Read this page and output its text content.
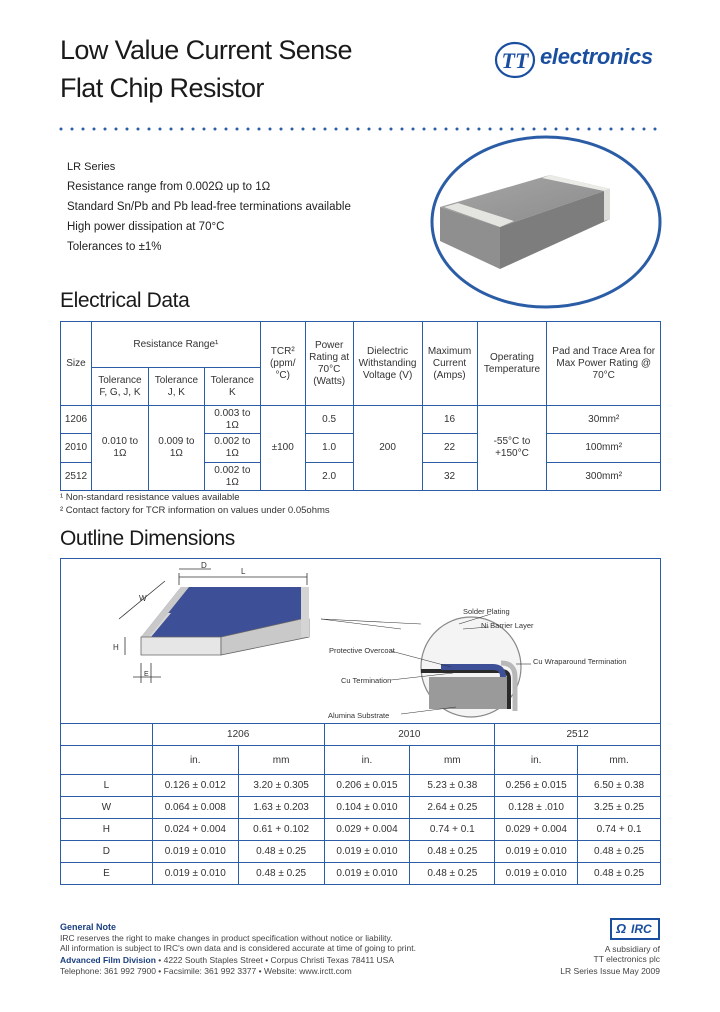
Low Value Current Sense
Flat Chip Resistor
TT electronics
LR Series
Resistance range from 0.002Ω up to 1Ω
Standard Sn/Pb and Pb lead-free terminations available
High power dissipation at 70°C
Tolerances to ±1%
Electrical Data
Size	Resistance Range¹			TCR² (ppm/°C)	Power Rating at 70°C (Watts)	Dielectric Withstanding Voltage (V)	Maximum Current (Amps)	Operating Temperature	Pad and Trace Area for Max Power Rating @ 70°C
	Tolerance F, G, J, K	Tolerance J, K	Tolerance K						
1206	0.010 to 1Ω	0.009 to 1Ω	0.003 to 1Ω	±100	0.5	200	16	-55°C to +150°C	30mm²
2010			0.002 to 1Ω		1.0		22		100mm²
2512			0.002 to 1Ω		2.0		32		300mm²
¹ Non-standard resistance values available
² Contact factory for TCR information on values under 0.05ohms
Outline Dimensions
L
D
W
H
E
Solder Plating
Ni Barrier Layer
Protective Overcoat
Cu Wraparound Termination
Cu Termination
Alumina Substrate
	1206		2010		2512	
	in.	mm	in.	mm	in.	mm.
L	0.126 ± 0.012	3.20 ± 0.305	0.206 ± 0.015	5.23 ± 0.38	0.256 ± 0.015	6.50 ± 0.38
W	0.064 ± 0.008	1.63 ± 0.203	0.104 ± 0.010	2.64 ± 0.25	0.128 ± .010	3.25 ± 0.25
H	0.024 + 0.004	0.61 + 0.102	0.029 + 0.004	0.74 + 0.1	0.029 + 0.004	0.74 + 0.1
D	0.019 ± 0.010	0.48 ± 0.25	0.019 ± 0.010	0.48 ± 0.25	0.019 ± 0.010	0.48 ± 0.25
E	0.019 ± 0.010	0.48 ± 0.25	0.019 ± 0.010	0.48 ± 0.25	0.019 ± 0.010	0.48 ± 0.25
General Note
IRC reserves the right to make changes in product specification without notice or liability.
All information is subject to IRC's own data and is considered accurate at time of going to print.
Advanced Film Division • 4222 South Staples Street • Corpus Christi Texas 78411 USA
Telephone: 361 992 7900 • Facsimile: 361 992 3377 • Website: www.irctt.com
Ω IRC
A subsidiary of
TT electronics plc
LR Series Issue May 2009
